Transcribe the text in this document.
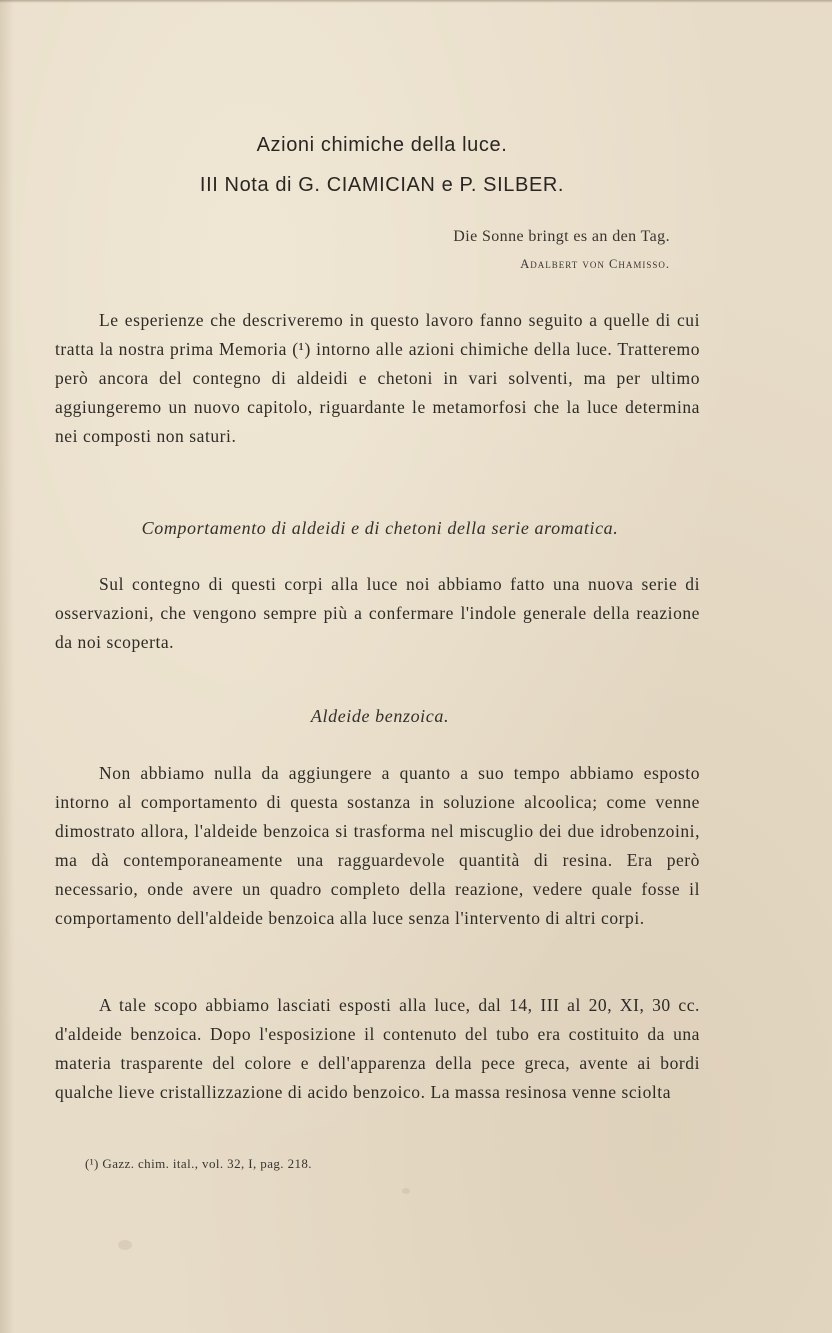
Azioni chimiche della luce.
III Nota di G. CIAMICIAN e P. SILBER.
Die Sonne bringt es an den Tag.
Adalbert von Chamisso.

Le esperienze che descriveremo in questo lavoro fanno seguito a quelle di cui tratta la nostra prima Memoria (¹) intorno alle azioni chimiche della luce. Tratteremo però ancora del contegno di aldeidi e chetoni in vari solventi, ma per ultimo aggiungeremo un nuovo capitolo, riguardante le metamorfosi che la luce determina nei composti non saturi.

Comportamento di aldeidi e di chetoni della serie aromatica.

Sul contegno di questi corpi alla luce noi abbiamo fatto una nuova serie di osservazioni, che vengono sempre più a confermare l'indole generale della reazione da noi scoperta.

Aldeide benzoica.

Non abbiamo nulla da aggiungere a quanto a suo tempo abbiamo esposto intorno al comportamento di questa sostanza in soluzione alcoolica; come venne dimostrato allora, l'aldeide benzoica si trasforma nel miscuglio dei due idrobenzoini, ma dà contemporaneamente una ragguardevole quantità di resina. Era però necessario, onde avere un quadro completo della reazione, vedere quale fosse il comportamento dell'aldeide benzoica alla luce senza l'intervento di altri corpi.

A tale scopo abbiamo lasciati esposti alla luce, dal 14, III al 20, XI, 30 cc. d'aldeide benzoica. Dopo l'esposizione il contenuto del tubo era costituito da una materia trasparente del colore e dell'apparenza della pece greca, avente ai bordi qualche lieve cristallizzazione di acido benzoico. La massa resinosa venne sciolta

(¹) Gazz. chim. ital., vol. 32, I, pag. 218.
